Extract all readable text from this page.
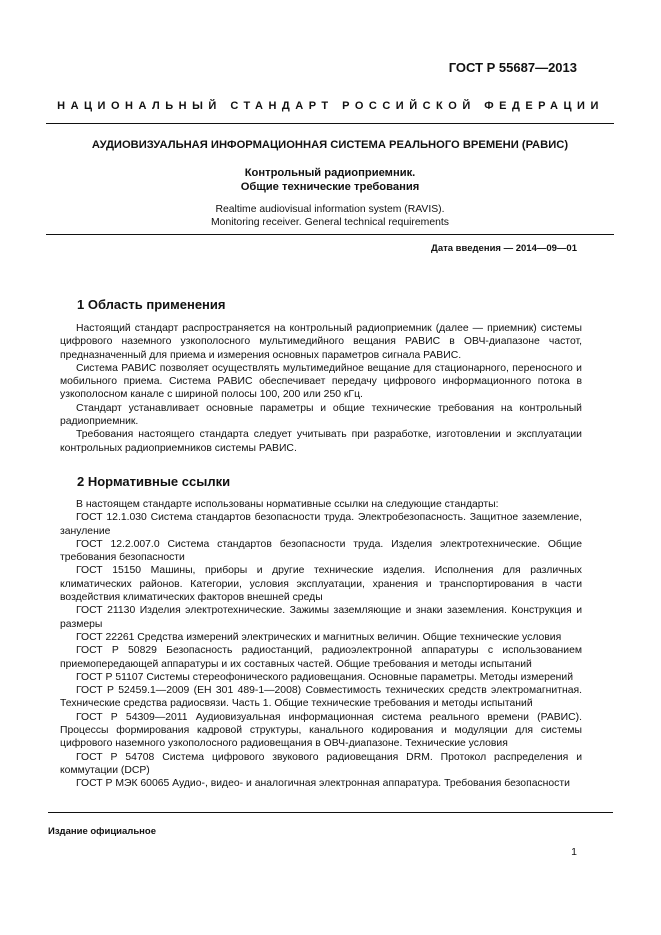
ГОСТ Р 55687—2013
НАЦИОНАЛЬНЫЙ СТАНДАРТ РОССИЙСКОЙ ФЕДЕРАЦИИ
АУДИОВИЗУАЛЬНАЯ ИНФОРМАЦИОННАЯ СИСТЕМА РЕАЛЬНОГО ВРЕМЕНИ (РАВИС)
Контрольный радиоприемник.
Общие технические требования
Realtime audiovisual information system (RAVIS).
Monitoring receiver. General technical requirements
Дата введения — 2014—09—01
1 Область применения

Настоящий стандарт распространяется на контрольный радиоприемник (далее — приемник) системы цифрового наземного узкополосного мультимедийного вещания РАВИС в ОВЧ-диапазоне частот, предназначенный для приема и измерения основных параметров сигнала РАВИС.

Система РАВИС позволяет осуществлять мультимедийное вещание для стационарного, переносного и мобильного приема. Система РАВИС обеспечивает передачу цифрового информационного потока в узкополосном канале с шириной полосы 100, 200 или 250 кГц.

Стандарт устанавливает основные параметры и общие технические требования на контрольный радиоприемник.

Требования настоящего стандарта следует учитывать при разработке, изготовлении и эксплуатации контрольных радиоприемников системы РАВИС.

2 Нормативные ссылки

В настоящем стандарте использованы нормативные ссылки на следующие стандарты:

ГОСТ 12.1.030 Система стандартов безопасности труда. Электробезопасность. Защитное заземление, зануление

ГОСТ 12.2.007.0 Система стандартов безопасности труда. Изделия электротехнические. Общие требования безопасности

ГОСТ 15150 Машины, приборы и другие технические изделия. Исполнения для различных климатических районов. Категории, условия эксплуатации, хранения и транспортирования в части воздействия климатических факторов внешней среды

ГОСТ 21130 Изделия электротехнические. Зажимы заземляющие и знаки заземления. Конструкция и размеры

ГОСТ 22261 Средства измерений электрических и магнитных величин. Общие технические условия

ГОСТ Р 50829 Безопасность радиостанций, радиоэлектронной аппаратуры с использованием приемопередающей аппаратуры и их составных частей. Общие требования и методы испытаний

ГОСТ Р 51107 Системы стереофонического радиовещания. Основные параметры. Методы измерений

ГОСТ Р 52459.1—2009 (ЕН 301 489-1—2008) Совместимость технических средств электромагнитная. Технические средства радиосвязи. Часть 1. Общие технические требования и методы испытаний

ГОСТ Р 54309—2011 Аудиовизуальная информационная система реального времени (РАВИС). Процессы формирования кадровой структуры, канального кодирования и модуляции для системы цифрового наземного узкополосного радиовещания в ОВЧ-диапазоне. Технические условия

ГОСТ Р 54708 Система цифрового звукового радиовещания DRM. Протокол распределения и коммутации (DCP)

ГОСТ Р МЭК 60065 Аудио-, видео- и аналогичная электронная аппаратура. Требования безопасности

Издание официальное
1
